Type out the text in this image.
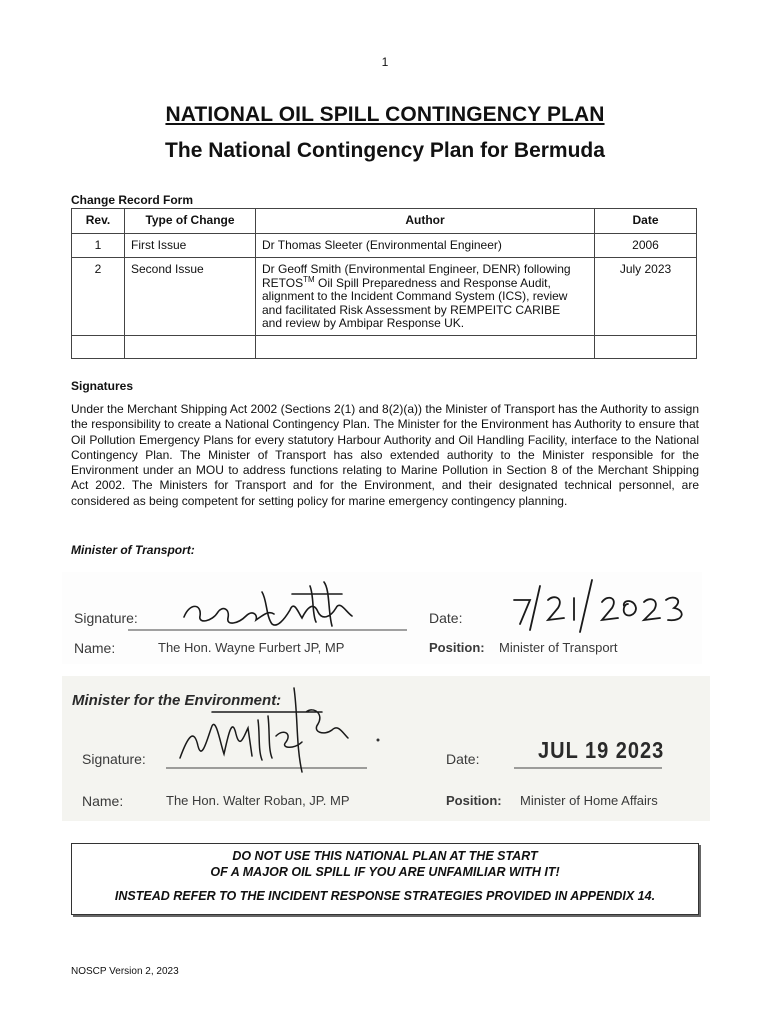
1
NATIONAL OIL SPILL CONTINGENCY PLAN
The National Contingency Plan for Bermuda
Change Record Form
Rev.	Type of Change	Author	Date
1	First Issue	Dr Thomas Sleeter (Environmental Engineer)	2006
2	Second Issue	Dr Geoff Smith (Environmental Engineer, DENR) following
RETOS™ Oil Spill Preparedness and Response Audit,
alignment to the Incident Command System (ICS), review
and facilitated Risk Assessment by REMPEITC CARIBE
and review by Ambipar Response UK.	July 2023

Signatures
Under the Merchant Shipping Act 2002 (Sections 2(1) and 8(2)(a)) the Minister of Transport has the Authority to assign the responsibility to create a National Contingency Plan. The Minister for the Environment has Authority to ensure that Oil Pollution Emergency Plans for every statutory Harbour Authority and Oil Handling Facility, interface to the National Contingency Plan. The Minister of Transport has also extended authority to the Minister responsible for the Environment under an MOU to address functions relating to Marine Pollution in Section 8 of the Merchant Shipping Act 2002. The Ministers for Transport and for the Environment, and their designated technical personnel, are considered as being competent for setting policy for marine emergency contingency planning.
Minister of Transport:
Signature:
Name:	The Hon. Wayne Furbert JP, MP
Date:
Position: Minister of Transport
Minister for the Environment:
Signature:
Name:	The Hon. Walter Roban, JP. MP
Date:	JUL 19 2023
Position: Minister of Home Affairs
DO NOT USE THIS NATIONAL PLAN AT THE START
OF A MAJOR OIL SPILL IF YOU ARE UNFAMILIAR WITH IT!
INSTEAD REFER TO THE INCIDENT RESPONSE STRATEGIES PROVIDED IN APPENDIX 14.
NOSCP Version 2, 2023
